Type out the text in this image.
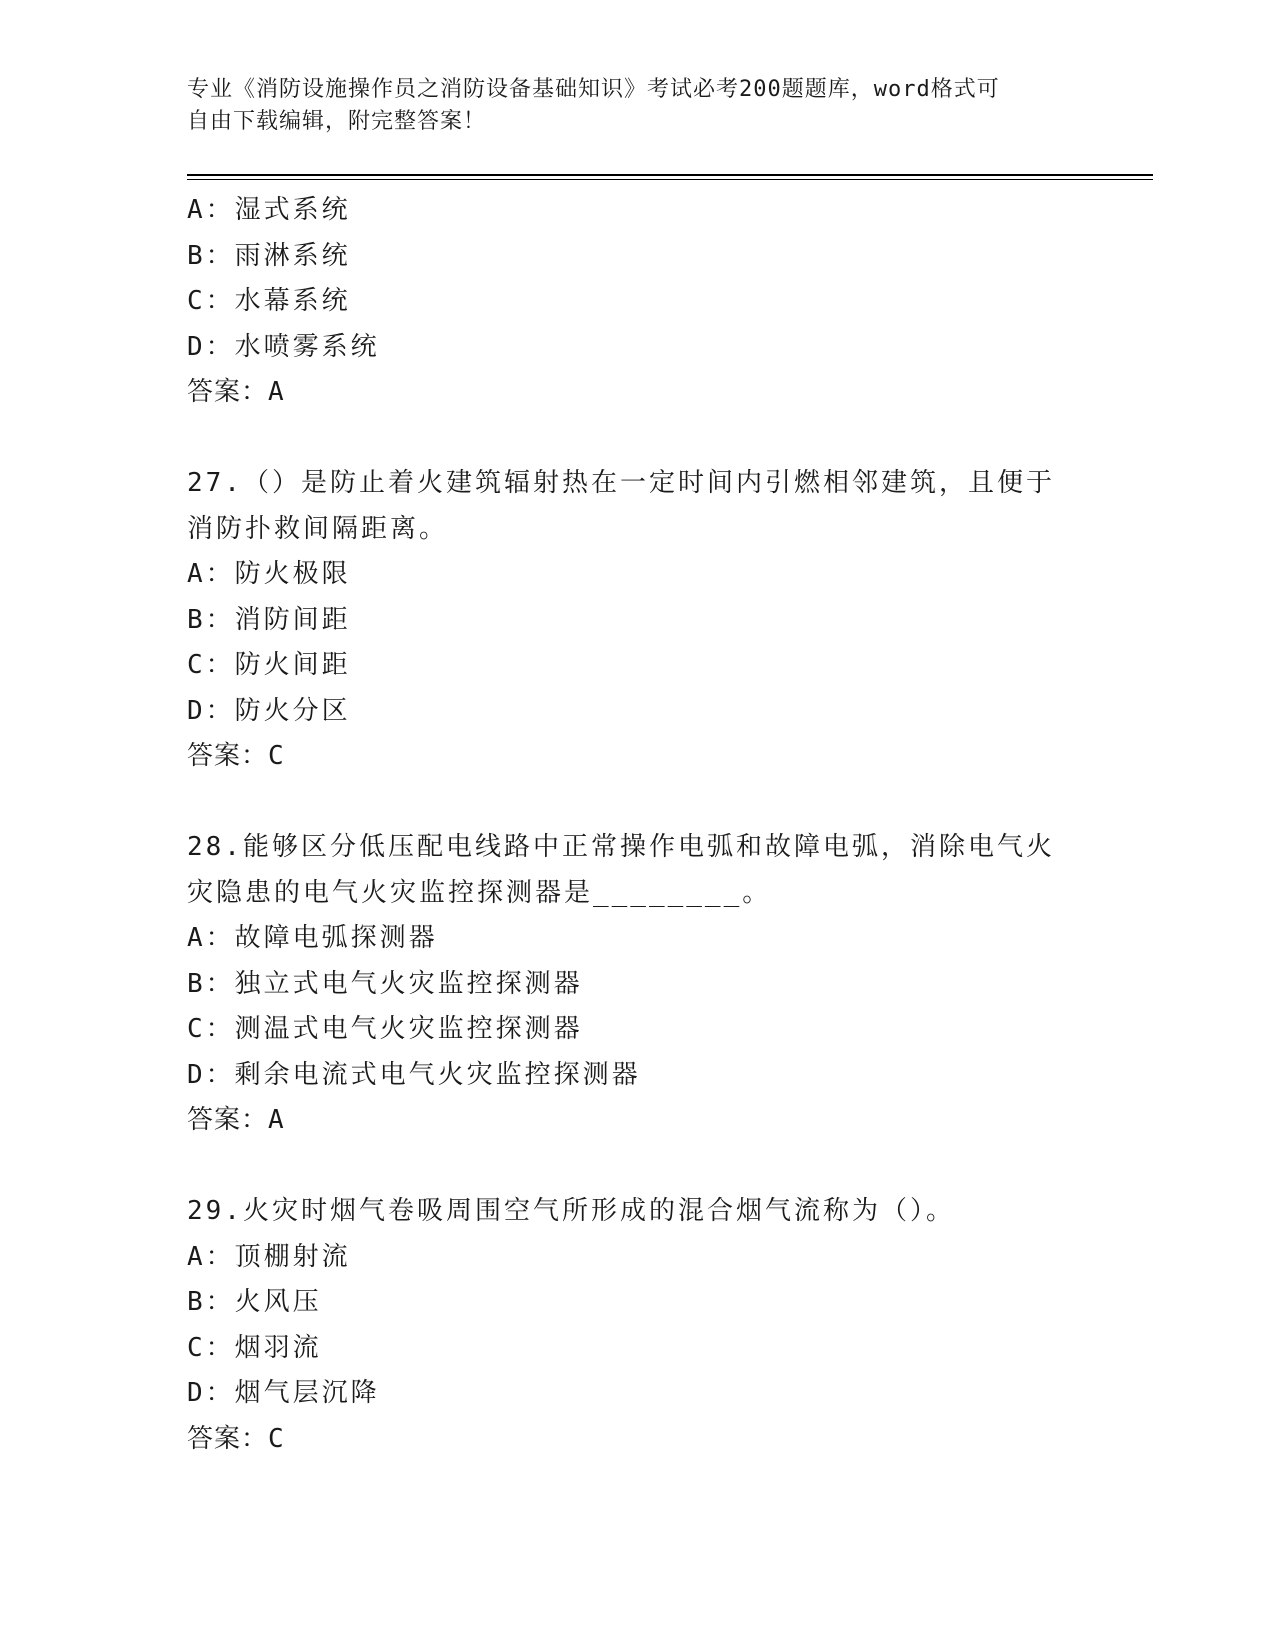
专业《消防设施操作员之消防设备基础知识》考试必考200题题库，word格式可
自由下载编辑，附完整答案！
A：湿式系统
B：雨淋系统
C：水幕系统
D：水喷雾系统
答案：A
27.（）是防止着火建筑辐射热在一定时间内引燃相邻建筑，且便于消防扑救间隔距离。
A：防火极限
B：消防间距
C：防火间距
D：防火分区
答案：C
28.能够区分低压配电线路中正常操作电弧和故障电弧，消除电气火灾隐患的电气火灾监控探测器是________。
A：故障电弧探测器
B：独立式电气火灾监控探测器
C：测温式电气火灾监控探测器
D：剩余电流式电气火灾监控探测器
答案：A
29.火灾时烟气卷吸周围空气所形成的混合烟气流称为（）。
A：顶棚射流
B：火风压
C：烟羽流
D：烟气层沉降
答案：C
